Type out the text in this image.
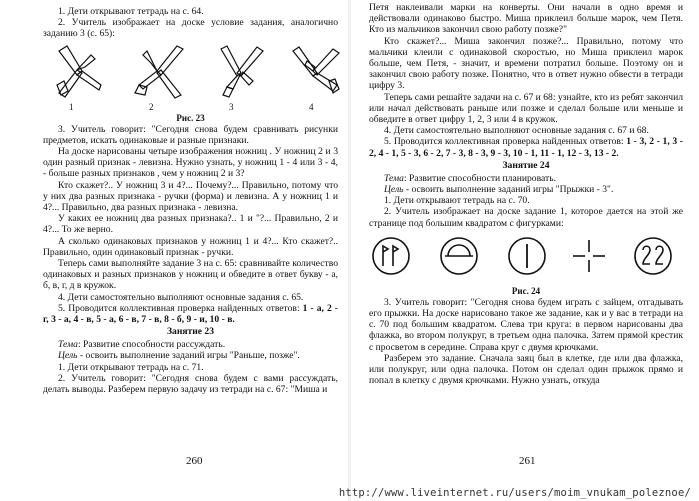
1. Дети открывают тетрадь на с. 64.

2. Учитель изображает на доске условие задания, аналогично заданию 3 (с. 65):

1	2	3	4

Рис. 23

3. Учитель говорит: "Сегодня снова будем сравнивать рисунки предметов, искать одинаковые и разные признаки.

На доске нарисованы четыре изображения ножниц . У ножниц 2 и 3 один разный признак - левизна. Нужно узнать, у ножниц 1 - 4 или 3 - 4, - больше разных признаков , чем у ножниц 2 и 3?

Кто скажет?.. У ножниц 3 и 4?... Почему?... Правильно, потому что у них два разных признака - ручки (форма) и левизна. А у ножниц 1 и 4?... Правильно, два разных признака - левизна.

У каких ее ножниц два разных признака?.. 1 и "?... Правильно, 2 и 4?... То же верно.

А сколько одинаковых признаков у ножниц 1 и 4?... Кто скажет?.. Правильно, один одинаковый признак - ручки.

Теперь сами выполняйте задание 3 на с. 65: сравнивайте количество одинаковых и разных признаков у ножниц и обведите в ответ букву - а, б, в, г, д в кружок.

4. Дети самостоятельно выполняют основные задания с. 65.

5. Проводится коллективная проверка найденных ответов: 1 - а, 2 - г, 3 - а, 4 - в, 5 - а, 6 - в, 7 - в, 8 - б, 9 - и, 10 - в.

Занятие 23

Тема: Развитие способности рассуждать.

Цель - освоить выполнение заданий игры "Раньше, позже".

1. Дети открывают тетрадь на с. 71.

2. Учитель говорит: "Сегодня снова будем с вами рассуждать, делать выводы. Разберем первую задачу из тетради на с. 67: "Миша и

260

Петя наклеивали марки на конверты. Они начали в одно время и действовали одинаково быстро. Миша приклеил больше марок, чем Петя. Кто из мальчиков закончил свою работу позже?"

Кто скажет?... Миша закончил позже?... Правильно, потому что мальчики клеили с одинаковой скоростью, но Миша приклеил марок больше, чем Петя, - значит, и времени потратил больше. Поэтому он и закончил свою работу позже. Понятно, что в ответ нужно обвести в тетради цифру 3.

Теперь сами решайте задачи на с. 67 и 68: узнайте, кто из ребят закончил или начал действовать раньше или позже и сделал больше или меньше и обведите в ответ цифру 1, 2, 3 или 4 в кружок.

4. Дети самостоятельно выполняют основные задания с. 67 и 68.

5. Проводится коллективная проверка найденных ответов: 1 - 3, 2 - 1, 3 - 2, 4 - 1, 5 - 3, 6 - 2, 7 - 3, 8 - 3, 9 - 3, 10 - 1, 11 - 1, 12 - 3, 13 - 2.

Занятие 24

Тема: Развитие способности планировать.

Цель - освоить выполнение заданий игры "Прыжки - 3".

1. Дети открывают тетрадь на с. 70.

2. Учитель изображает на доске задание 1, которое дается на этой же странице под большим квадратом с фигурками:

Рис. 24

3. Учитель говорит: "Сегодня снова будем играть с зайцем, отгадывать его прыжки. На доске нарисовано такое же задание, как и у вас в тетради на с. 70 под большим квадратом. Слева три круга: в первом нарисованы два флажка, во втором полукруг, в третьем одна палочка. Затем прямой крестик с просветом в середине. Справа круг с двумя крючками.

Разберем это задание. Сначала заяц был в клетке, где или два флажка, или полукруг, или одна палочка. Потом он сделал один прыжок прямо и попал в клетку с двумя крючками. Нужно узнать, откуда

261
http://www.liveinternet.ru/users/moim_vnukam_poleznoe/
